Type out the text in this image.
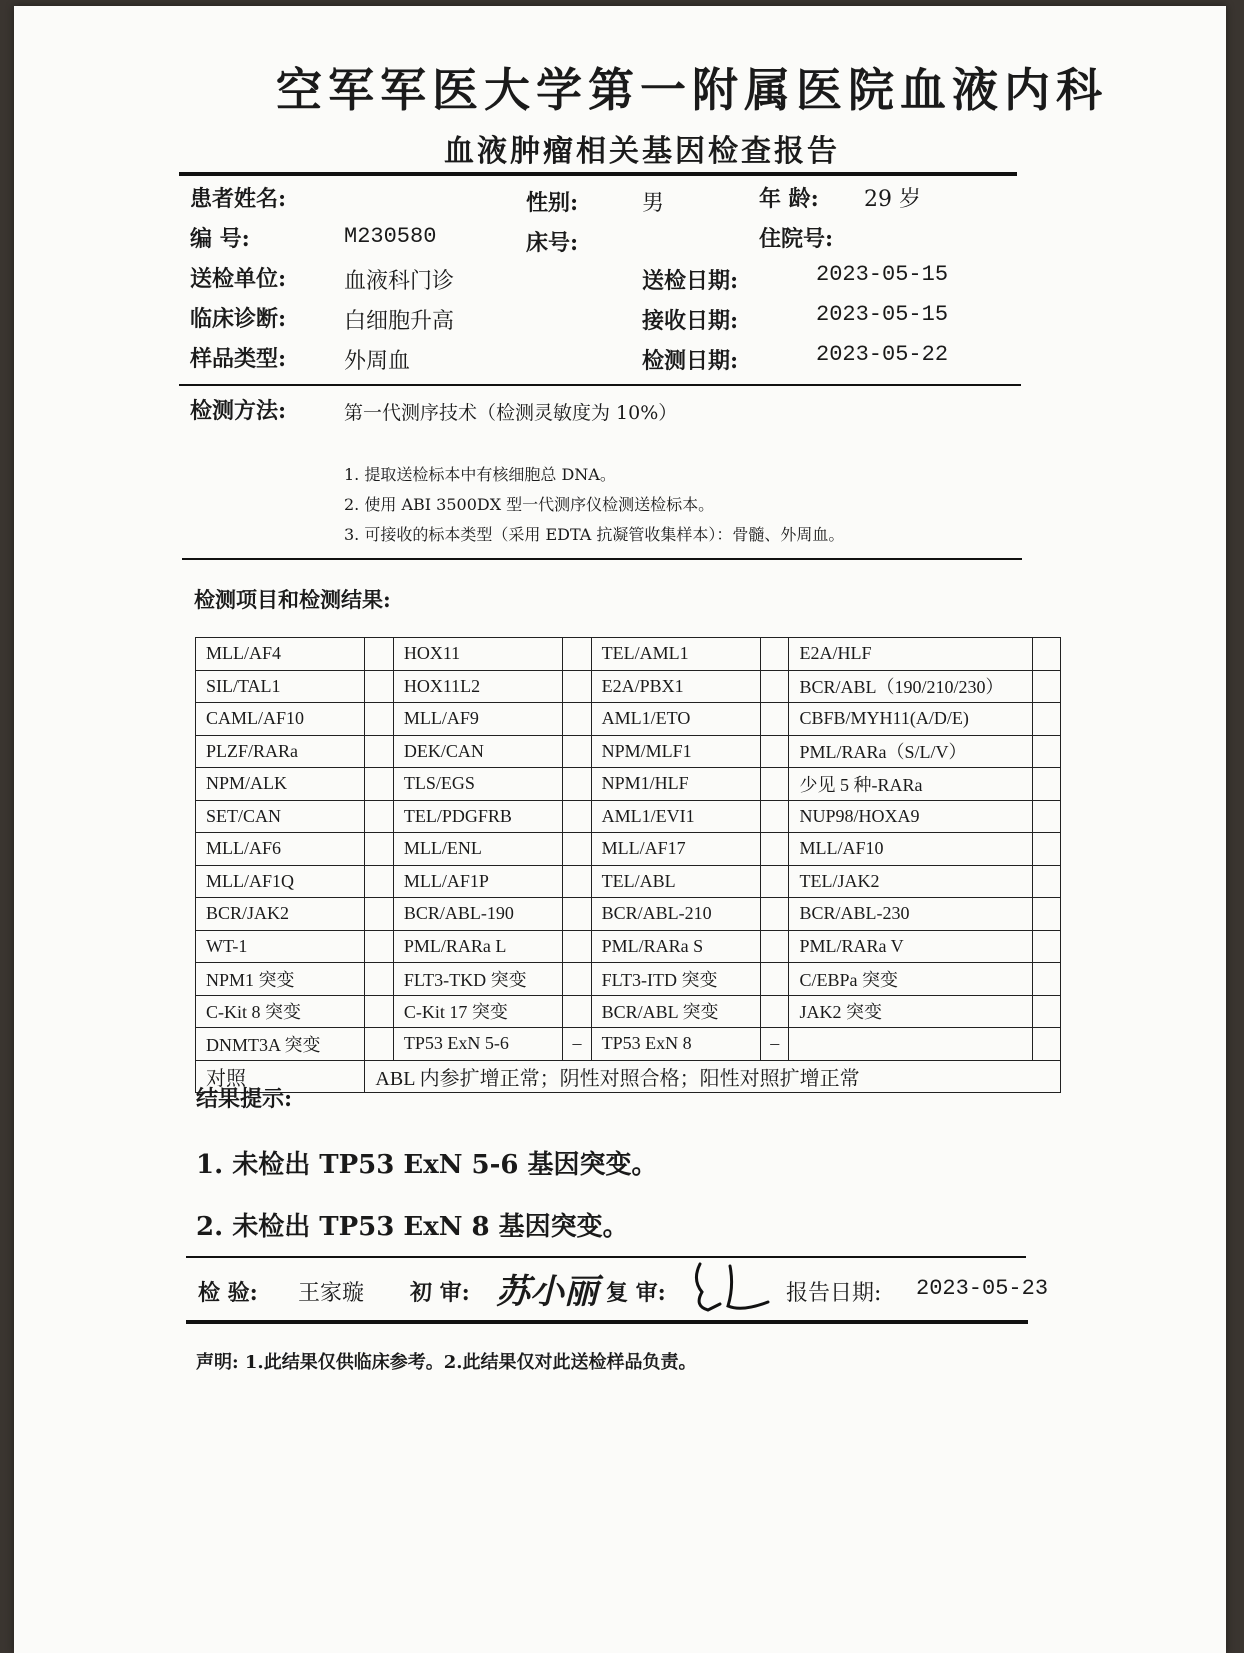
空军军医大学第一附属医院血液内科
血液肿瘤相关基因检查报告
患者姓名:	性别:	男	年 龄: 29 岁
编 号:	M230580	床号:	住院号:
送检单位:	血液科门诊	送检日期:	2023-05-15
临床诊断:	白细胞升高	接收日期:	2023-05-15
样品类型:	外周血	检测日期:	2023-05-22
检测方法:	第一代测序技术（检测灵敏度为 10%）
1. 提取送检标本中有核细胞总 DNA。
2. 使用 ABI 3500DX 型一代测序仪检测送检标本。
3. 可接收的标本类型（采用 EDTA 抗凝管收集样本）：骨髓、外周血。
检测项目和检测结果:
MLL/AF4		HOX11		TEL/AML1		E2A/HLF	
SIL/TAL1		HOX11L2		E2A/PBX1		BCR/ABL（190/210/230）	
CAML/AF10		MLL/AF9		AML1/ETO		CBFB/MYH11(A/D/E)	
PLZF/RARa		DEK/CAN		NPM/MLF1		PML/RARa（S/L/V）	
NPM/ALK		TLS/EGS		NPM1/HLF		少见 5 种-RARa	
SET/CAN		TEL/PDGFRB		AML1/EVI1		NUP98/HOXA9	
MLL/AF6		MLL/ENL		MLL/AF17		MLL/AF10	
MLL/AF1Q		MLL/AF1P		TEL/ABL		TEL/JAK2	
BCR/JAK2		BCR/ABL-190		BCR/ABL-210		BCR/ABL-230	
WT-1		PML/RARa L		PML/RARa S		PML/RARa V	
NPM1 突变		FLT3-TKD 突变		FLT3-ITD 突变		C/EBPa 突变	
C-Kit 8 突变		C-Kit 17 突变		BCR/ABL 突变		JAK2 突变	
DNMT3A 突变		TP53 ExN 5-6	–	TP53 ExN 8	–		
对照	ABL 内参扩增正常；阴性对照合格；阳性对照扩增正常						
结果提示:
1. 未检出 TP53 ExN 5-6 基因突变。
2. 未检出 TP53 ExN 8 基因突变。
检 验: 王家璇 初 审: 苏小丽 复 审:	报告日期: 2023-05-23
声明: 1.此结果仅供临床参考。2.此结果仅对此送检样品负责。
